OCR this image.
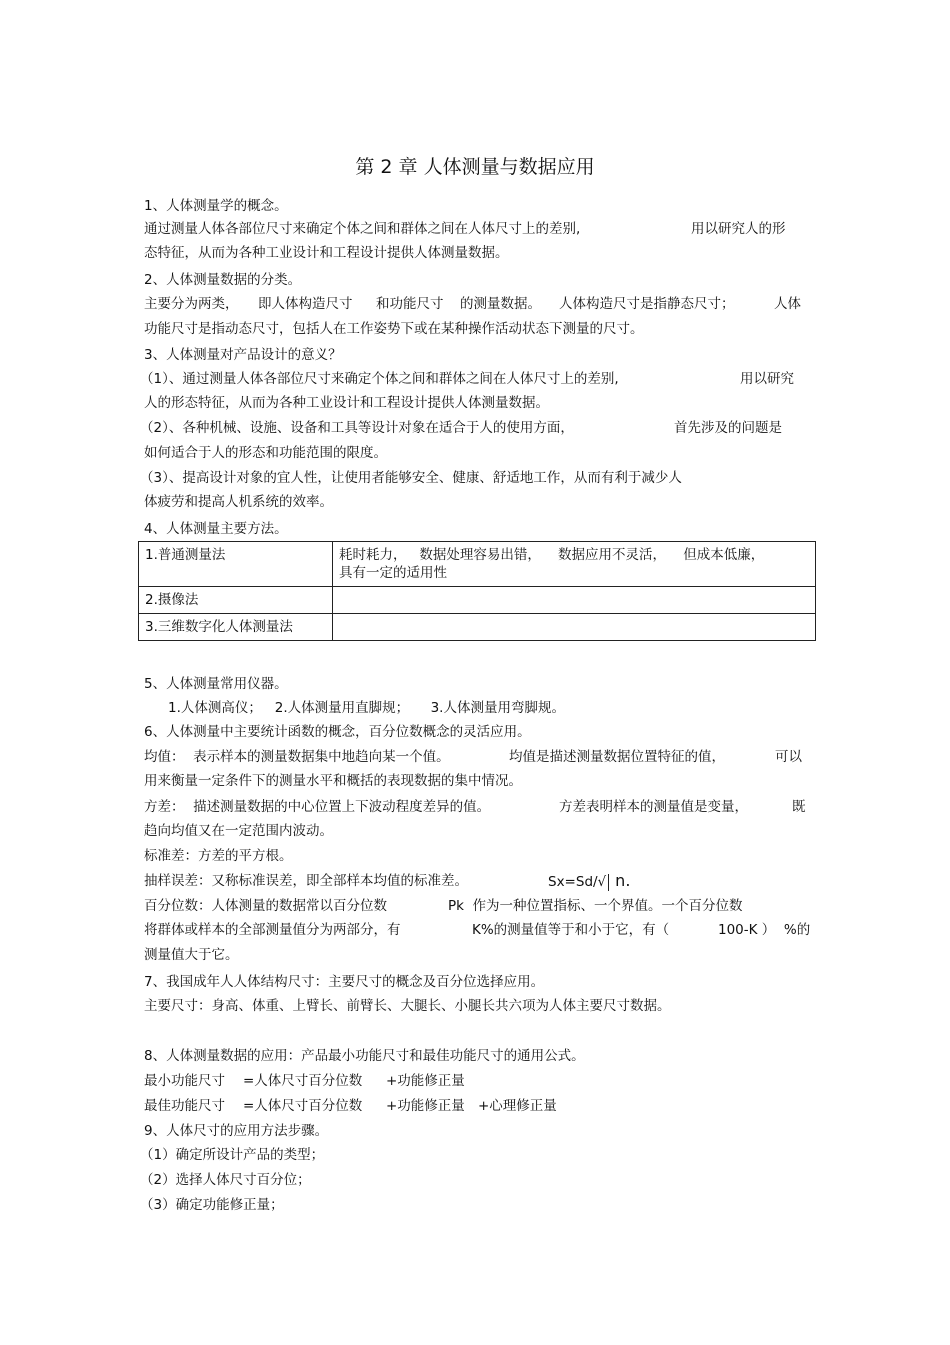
第 2 章 人体测量与数据应用
1、人体测量学的概念。
通过测量人体各部位尺寸来确定个体之间和群体之间在人体尺寸上的差别,	用以研究人的形
态特征，从而为各种工业设计和工程设计提供人体测量数据。
2、人体测量数据的分类。
主要分为两类， 即人体构造尺寸 和功能尺寸 的测量数据。 人体构造尺寸是指静态尺寸；	人体
功能尺寸是指动态尺寸，包括人在工作姿势下或在某种操作活动状态下测量的尺寸。
3、人体测量对产品设计的意义？
（1）、通过测量人体各部位尺寸来确定个体之间和群体之间在人体尺寸上的差别,	用以研究
人的形态特征，从而为各种工业设计和工程设计提供人体测量数据。
（2）、各种机械、设施、设备和工具等设计对象在适合于人的使用方面，	首先涉及的问题是
如何适合于人的形态和功能范围的限度。
（3）、提高设计对象的宜人性，让使用者能够安全、健康、舒适地工作，从而有利于减少人
体疲劳和提高人机系统的效率。
4、人体测量主要方法。
1.普通测量法	耗时耗力，   数据处理容易出错，    数据应用不灵活，    但成本低廉，
具有一定的适用性

2.摄像法	
3.三维数字化人体测量法	
5、人体测量常用仪器。
1.人体测高仪；   2.人体测量用直脚规；     3.人体测量用弯脚规。
6、人体测量中主要统计函数的概念，百分位数概念的灵活应用。
均值：  表示样本的测量数据集中地趋向某一个值。	均值是描述测量数据位置特征的值，	可以
用来衡量一定条件下的测量水平和概括的表现数据的集中情况。
方差：  描述测量数据的中心位置上下波动程度差异的值。	方差表明样本的测量值是变量，	既
趋向均值又在一定范围内波动。
标准差：方差的平方根。
抽样误差：又称标准误差，即全部样本均值的标准差。	Sx=Sd/√ n.
百分位数：人体测量的数据常以百分位数	Pk  作为一种位置指标、一个界值。一个百分位数
将群体或样本的全部测量值分为两部分，有	K%的测量值等于和小于它，有（	100-K ）  %的
测量值大于它。
7、我国成年人人体结构尺寸：主要尺寸的概念及百分位选择应用。
主要尺寸：身高、体重、上臂长、前臂长、大腿长、小腿长共六项为人体主要尺寸数据。
8、人体测量数据的应用：产品最小功能尺寸和最佳功能尺寸的通用公式。
最小功能尺寸 =人体尺寸百分位数 +功能修正量
最佳功能尺寸 =人体尺寸百分位数 +功能修正量 +心理修正量
9、人体尺寸的应用方法步骤。
（1）确定所设计产品的类型；
（2）选择人体尺寸百分位；
（3）确定功能修正量；
